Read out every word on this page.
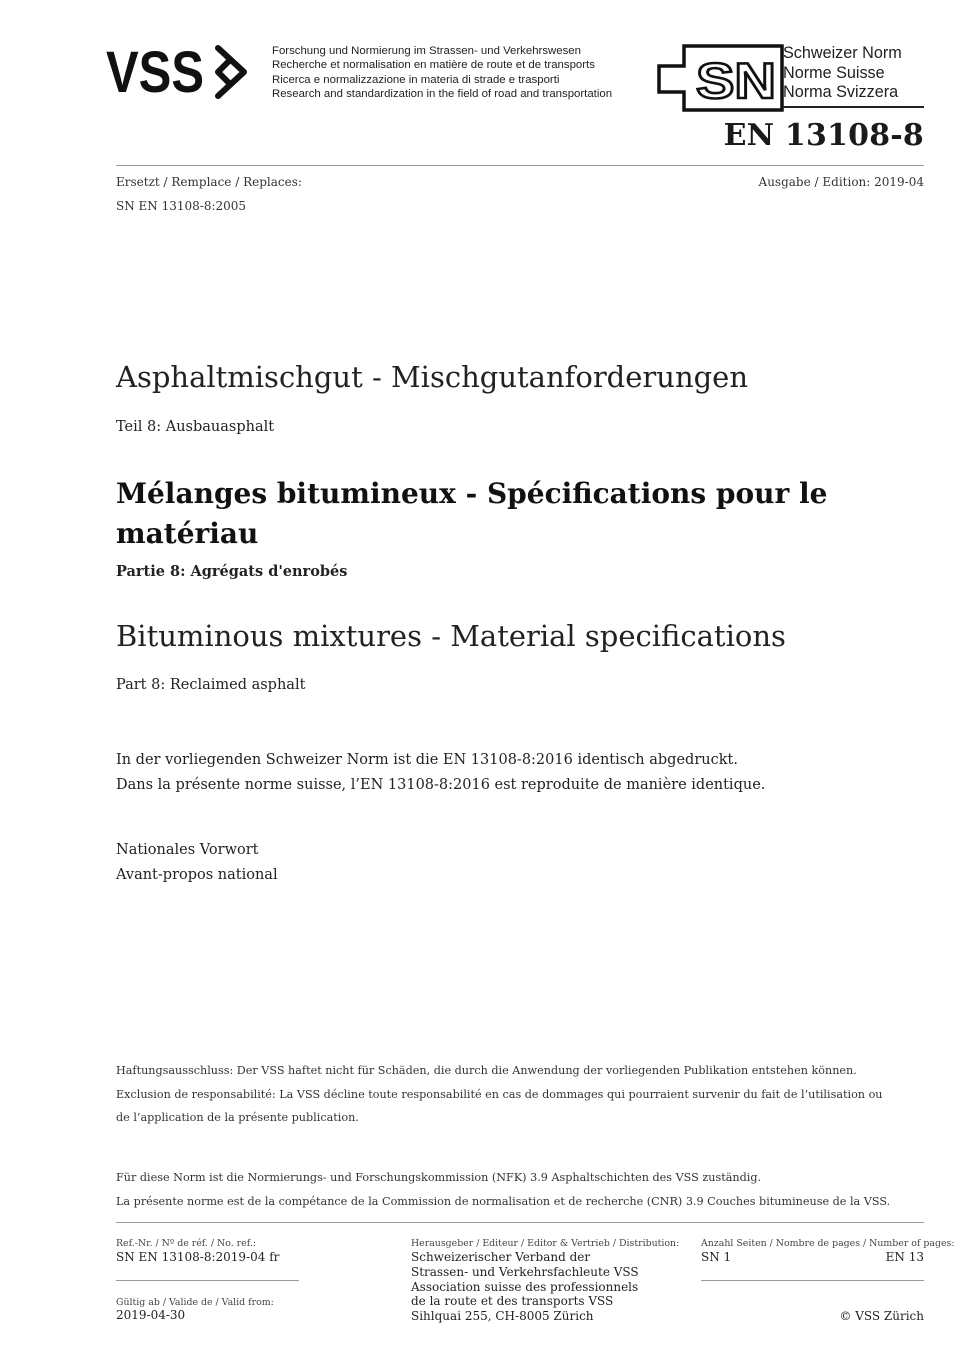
VSS	Forschung und Normierung im Strassen- und Verkehrswesen
Recherche et normalisation en matière de route et de transports
Ricerca e normalizzazione in materia di strade e trasporti
Research and standardization in the field of road and transportation SN Schweizer Norm
Norme Suisse
Norma Svizzera
EN 13108-8
Ersetzt / Remplace / Replaces:	Ausgabe / Edition: 2019-04
SN EN 13108-8:2005
Asphaltmischgut - Mischgutanforderungen
Teil 8: Ausbauasphalt
Mélanges bitumineux - Spécifications pour le matériau
Partie 8: Agrégats d'enrobés
Bituminous mixtures - Material specifications
Part 8: Reclaimed asphalt
In der vorliegenden Schweizer Norm ist die EN 13108-8:2016 identisch abgedruckt.
Dans la présente norme suisse, l’EN 13108-8:2016 est reproduite de manière identique.
Nationales Vorwort
Avant-propos national
Haftungsausschluss: Der VSS haftet nicht für Schäden, die durch die Anwendung der vorliegenden Publikation entstehen können.
Exclusion de responsabilité: La VSS décline toute responsabilité en cas de dommages qui pourraient survenir du fait de l’utilisation ou
de l’application de la présente publication.
Für diese Norm ist die Normierungs- und Forschungskommission (NFK) 3.9 Asphaltschichten des VSS zuständig.
La présente norme est de la compétance de la Commission de normalisation et de recherche (CNR) 3.9 Couches bitumineuse de la VSS.
Ref.-Nr. / Nº de réf. / No. ref.:
SN EN 13108-8:2019-04 fr
Gültig ab / Valide de / Valid from:
2019-04-30
Herausgeber / Editeur / Editor & Vertrieb / Distribution:
Schweizerischer Verband der
Strassen- und Verkehrsfachleute VSS
Association suisse des professionnels
de la route et des transports VSS
Sihlquai 255, CH-8005 Zürich
Anzahl Seiten / Nombre de pages / Number of pages:
SN 1	EN 13
© VSS Zürich
